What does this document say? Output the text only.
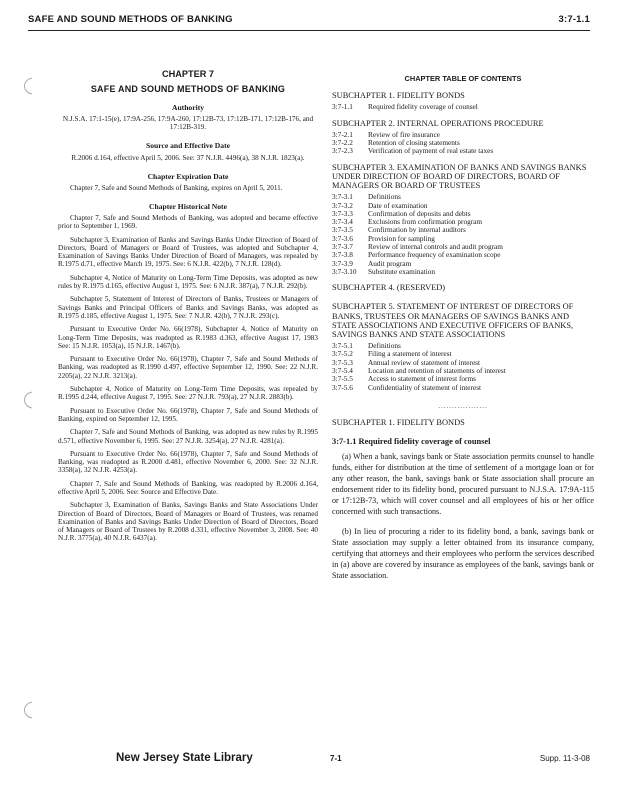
SAFE AND SOUND METHODS OF BANKING	3:7-1.1
CHAPTER 7
SAFE AND SOUND METHODS OF BANKING
Authority
N.J.S.A. 17:1-15(e), 17:9A-256, 17:9A-260, 17:12B-73, 17:12B-171, 17:12B-176, and 17:12B-319.
Source and Effective Date
R.2006 d.164, effective April 5, 2006. See: 37 N.J.R. 4496(a), 38 N.J.R. 1823(a).
Chapter Expiration Date
Chapter 7, Safe and Sound Methods of Banking, expires on April 5, 2011.
Chapter Historical Note
Chapter 7, Safe and Sound Methods of Banking, was adopted and became effective prior to September 1, 1969.
Subchapter 3, Examination of Banks and Savings Banks Under Direction of Board of Directors, Board of Managers or Board of Trustees, was adopted and Subchapter 4, Examination of Savings Banks Under Direction of Board of Managers, was repealed by R.1975 d.71, effective March 19, 1975. See: 6 N.J.R. 422(b), 7 N.J.R. 128(d).
Subchapter 4, Notice of Maturity on Long-Term Time Deposits, was adopted as new rules by R.1975 d.165, effective August 1, 1975. See: 6 N.J.R. 387(a), 7 N.J.R. 292(b).
Subchapter 5, Statement of Interest of Directors of Banks, Trustees or Managers of Savings Banks and Principal Officers of Banks and Savings Banks, was adopted as R.1975 d.185, effective August 1, 1975. See: 7 N.J.R. 42(b), 7 N.J.R. 293(c).
Pursuant to Executive Order No. 66(1978), Subchapter 4, Notice of Maturity on Long-Term Time Deposits, was readopted as R.1983 d.363, effective August 17, 1983 See: 15 N.J.R. 1053(a), 15 N.J.R. 1467(b).
Pursuant to Executive Order No. 66(1978), Chapter 7, Safe and Sound Methods of Banking, was readopted as R.1990 d.497, effective September 12, 1990. See: 22 N.J.R. 2205(a), 22 N.J.R. 3213(a).
Subchapter 4, Notice of Maturity on Long-Term Time Deposits, was repealed by R.1995 d.244, effective August 7, 1995. See: 27 N.J.R. 793(a), 27 N.J.R. 2883(b).
Pursuant to Executive Order No. 66(1978), Chapter 7, Safe and Sound Methods of Banking, expired on September 12, 1995.
Chapter 7, Safe and Sound Methods of Banking, was adopted as new rules by R.1995 d.571, effective November 6, 1995. See: 27 N.J.R. 3254(a), 27 N.J.R. 4281(a).
Pursuant to Executive Order No. 66(1978), Chapter 7, Safe and Sound Methods of Banking, was readopted as R.2000 d.481, effective November 6, 2000. See: 32 N.J.R. 3358(a), 32 N.J.R. 4253(a).
Chapter 7, Safe and Sound Methods of Banking, was readopted by R.2006 d.164, effective April 5, 2006. See: Source and Effective Date.
Subchapter 3, Examination of Banks, Savings Banks and State Associations Under Direction of Board of Directors, Board of Managers or Board of Trustees, was renamed Examination of Banks and Savings Banks Under Direction of Board of Directors, Board of Managers or Board of Trustees by R.2008 d.331, effective November 3, 2008. See: 40 N.J.R. 3775(a), 40 N.J.R. 6437(a).
CHAPTER TABLE OF CONTENTS
SUBCHAPTER 1. FIDELITY BONDS
3:7-1.1	Required fidelity coverage of counsel
SUBCHAPTER 2. INTERNAL OPERATIONS PROCEDURE
3:7-2.1	Review of fire insurance
3:7-2.2	Retention of closing statements
3:7-2.3	Verification of payment of real estate taxes
SUBCHAPTER 3. EXAMINATION OF BANKS AND SAVINGS BANKS UNDER DIRECTION OF BOARD OF DIRECTORS, BOARD OF MANAGERS OR BOARD OF TRUSTEES
3:7-3.1	Definitions
3:7-3.2	Date of examination
3:7-3.3	Confirmation of deposits and debts
3:7-3.4	Exclusions from confirmation program
3:7-3.5	Confirmation by internal auditors
3:7-3.6	Provision for sampling
3:7-3.7	Review of internal controls and audit program
3:7-3.8	Performance frequency of examination scope
3:7-3.9	Audit program
3:7-3.10	Substitute examination
SUBCHAPTER 4. (RESERVED)
SUBCHAPTER 5. STATEMENT OF INTEREST OF DIRECTORS OF BANKS, TRUSTEES OR MANAGERS OF SAVINGS BANKS AND STATE ASSOCIATIONS AND EXECUTIVE OFFICERS OF BANKS, SAVINGS BANKS AND STATE ASSOCIATIONS
3:7-5.1	Definitions
3:7-5.2	Filing a statement of interest
3:7-5.3	Annual review of statement of interest
3:7-5.4	Location and retention of statements of interest
3:7-5.5	Access to statement of interest forms
3:7-5.6	Confidentiality of statement of interest
..................
SUBCHAPTER 1. FIDELITY BONDS
3:7-1.1 Required fidelity coverage of counsel
(a) When a bank, savings bank or State association permits counsel to handle funds, either for distribution at the time of settlement of a mortgage loan or for any other reason, the bank, savings bank or State association shall procure an endorsement rider to its fidelity bond, procured pursuant to N.J.S.A. 17:9A-115 or 17:12B-73, which will cover counsel and all employees of his or her office concerned with such transactions.
(b) In lieu of procuring a rider to its fidelity bond, a bank, savings bank or State association may supply a letter obtained from its insurance company, certifying that attorneys and their employees who perform the services described in (a) above are covered by insurance as employees of the bank, savings bank or State association.
New Jersey State Library	7-1	Supp. 11-3-08
